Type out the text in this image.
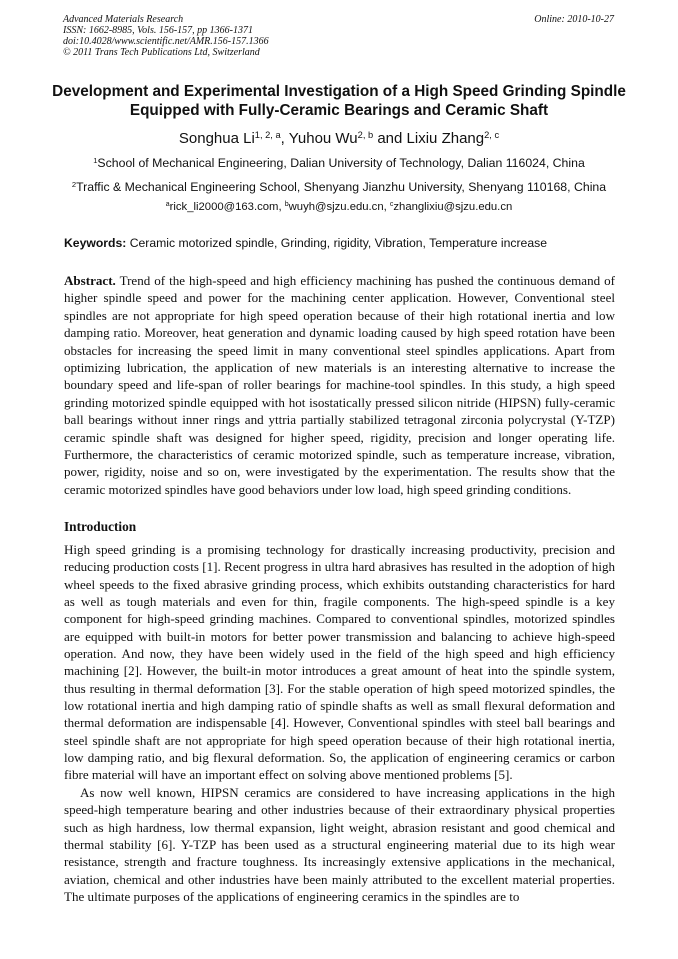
Advanced Materials Research
ISSN: 1662-8985, Vols. 156-157, pp 1366-1371
doi:10.4028/www.scientific.net/AMR.156-157.1366
© 2011 Trans Tech Publications Ltd, Switzerland
Online: 2010-10-27
Development and Experimental Investigation of a High Speed Grinding Spindle Equipped with Fully-Ceramic Bearings and Ceramic Shaft
Songhua Li$^{1, 2, a}$, Yuhou Wu$^{2, b}$ and Lixiu Zhang$^{2, c}$
$^1$School of Mechanical Engineering, Dalian University of Technology, Dalian 116024, China
$^2$Traffic & Mechanical Engineering School, Shenyang Jianzhu University, Shenyang 110168, China
$^a$rick_li2000@163.com, $^b$wuyh@sjzu.edu.cn, $^c$zhanglixiu@sjzu.edu.cn
Keywords: Ceramic motorized spindle, Grinding, rigidity, Vibration, Temperature increase
Abstract. Trend of the high-speed and high efficiency machining has pushed the continuous demand of higher spindle speed and power for the machining center application. However, Conventional steel spindles are not appropriate for high speed operation because of their high rotational inertia and low damping ratio. Moreover, heat generation and dynamic loading caused by high speed rotation have been obstacles for increasing the speed limit in many conventional steel spindles applications. Apart from optimizing lubrication, the application of new materials is an interesting alternative to increase the boundary speed and life-span of roller bearings for machine-tool spindles. In this study, a high speed grinding motorized spindle equipped with hot isostatically pressed silicon nitride (HIPSN) fully-ceramic ball bearings without inner rings and yttria partially stabilized tetragonal zirconia polycrystal (Y-TZP) ceramic spindle shaft was designed for higher speed, rigidity, precision and longer operating life. Furthermore, the characteristics of ceramic motorized spindle, such as temperature increase, vibration, power, rigidity, noise and so on, were investigated by the experimentation. The results show that the ceramic motorized spindles have good behaviors under low load, high speed grinding conditions.
Introduction

High speed grinding is a promising technology for drastically increasing productivity, precision and reducing production costs [1]. Recent progress in ultra hard abrasives has resulted in the adoption of high wheel speeds to the fixed abrasive grinding process, which exhibits outstanding characteristics for hard as well as tough materials and even for thin, fragile components. The high-speed spindle is a key component for high-speed grinding machines. Compared to conventional spindles, motorized spindles are equipped with built-in motors for better power transmission and balancing to achieve high-speed operation. And now, they have been widely used in the field of the high speed and high efficiency machining [2]. However, the built-in motor introduces a great amount of heat into the spindle system, thus resulting in thermal deformation [3]. For the stable operation of high speed motorized spindles, the low rotational inertia and high damping ratio of spindle shafts as well as small flexural deformation and thermal deformation are indispensable [4]. However, Conventional spindles with steel ball bearings and steel spindle shaft are not appropriate for high speed operation because of their high rotational inertia, low damping ratio, and big flexural deformation. So, the application of engineering ceramics or carbon fibre material will have an important effect on solving above mentioned problems [5].

As now well known, HIPSN ceramics are considered to have increasing applications in the high speed-high temperature bearing and other industries because of their extraordinary physical properties such as high hardness, low thermal expansion, light weight, abrasion resistant and good chemical and thermal stability [6]. Y-TZP has been used as a structural engineering material due to its high wear resistance, strength and fracture toughness. Its increasingly extensive applications in the mechanical, aviation, chemical and other industries have been mainly attributed to the excellent material properties. The ultimate purposes of the applications of engineering ceramics in the spindles are to
